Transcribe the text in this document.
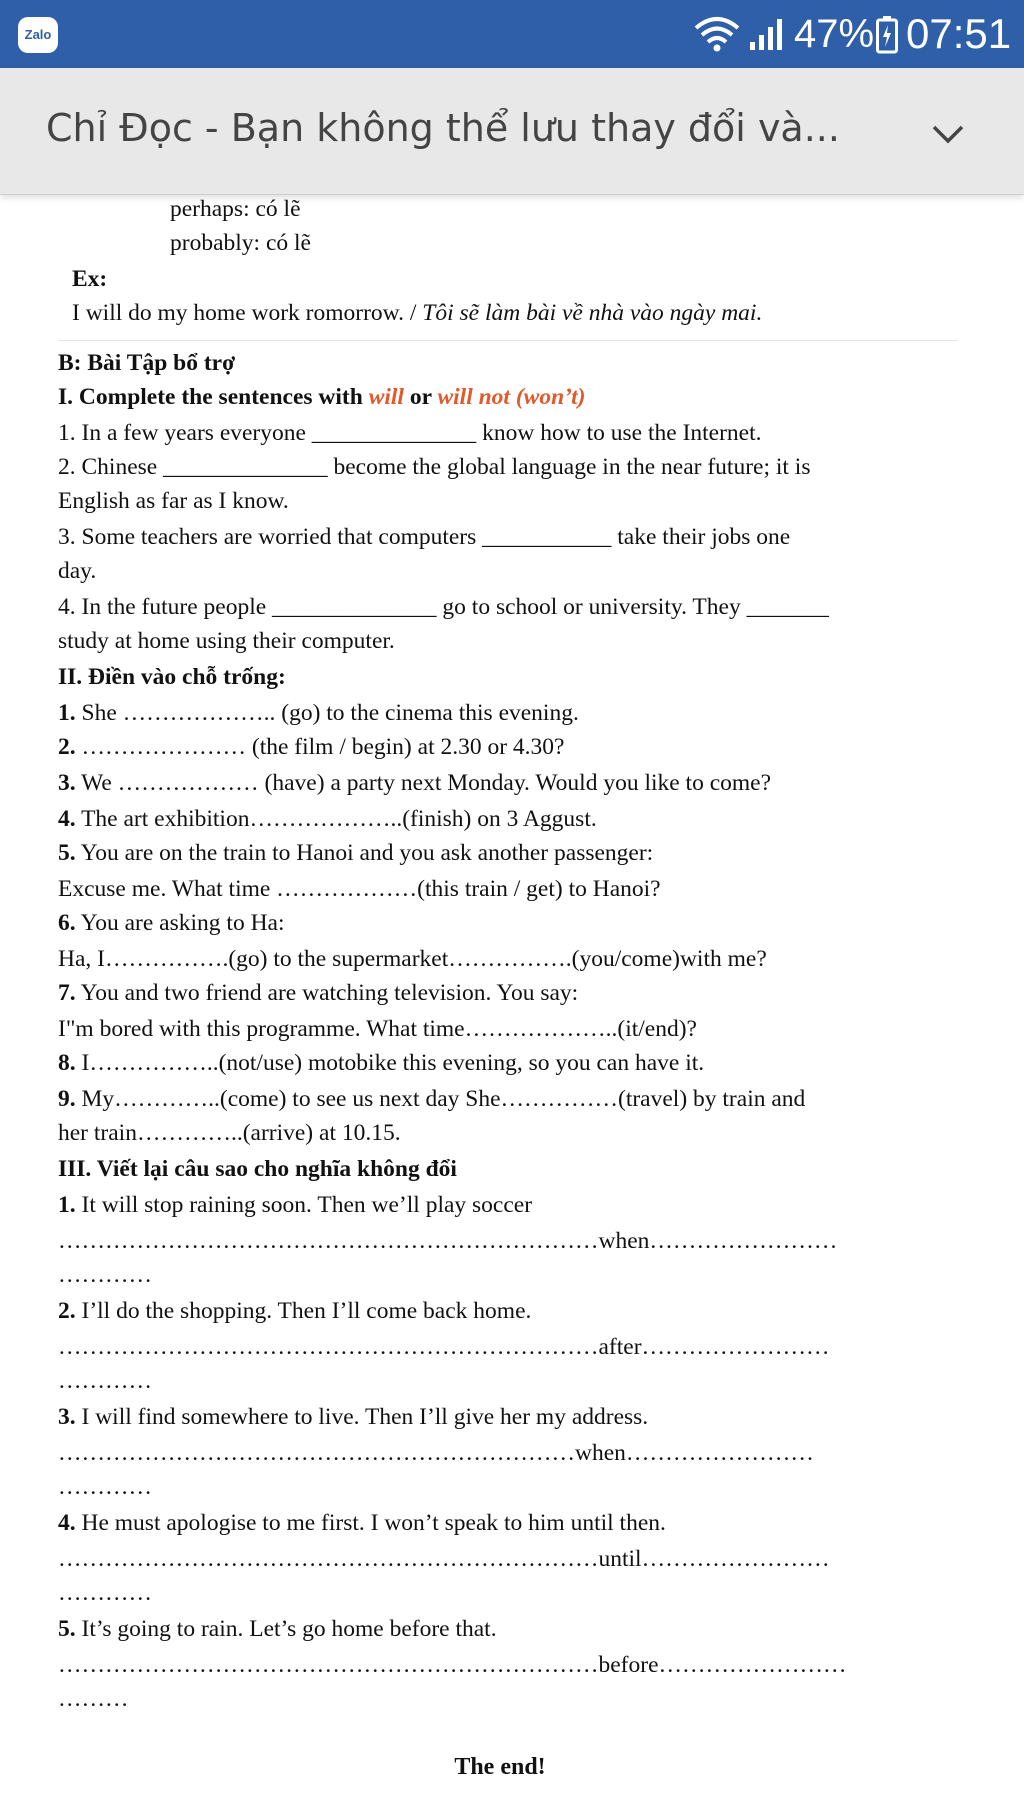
Zalo	47% 07:51
Chỉ Đọc - Bạn không thể lưu thay đổi và...
perhaps: có lẽ
probably: có lẽ
Ex:
I will do my home work romorrow. / Tôi sẽ làm bài về nhà vào ngày mai.
B: Bài Tập bổ trợ
I. Complete the sentences with will or will not (won’t)
1. In a few years everyone ______________ know how to use the Internet.
2. Chinese ______________ become the global language in the near future; it is
English as far as I know.
3. Some teachers are worried that computers ___________ take their jobs one
day.
4. In the future people ______________ go to school or university. They _______
study at home using their computer.
II. Điền vào chỗ trống:
1. She ……………….. (go) to the cinema this evening.
2. ………………… (the film / begin) at 2.30 or 4.30?
3. We ……………… (have) a party next Monday. Would you like to come?
4. The art exhibition………………..(finish) on 3 Aggust.
5. You are on the train to Hanoi and you ask another passenger:
Excuse me. What time ………………(this train / get) to Hanoi?
6. You are asking to Ha:
Ha, I…………….(go) to the supermarket…………….(you/come)with me?
7. You and two friend are watching television. You say:
I"m bored with this programme. What time………………..(it/end)?
8. I……………..(not/use) motobike this evening, so you can have it.
9. My…………..(come) to see us next day She……………(travel) by train and
her train…………..(arrive) at 10.15.
III. Viết lại câu sao cho nghĩa không đổi
1. It will stop raining soon. Then we’ll play soccer
……………………………………………………………when……………………
…………
2. I’ll do the shopping. Then I’ll come back home.
……………………………………………………………after……………………
…………
3. I will find somewhere to live. Then I’ll give her my address.
…………………………………………………………when……………………
…………
4. He must apologise to me first. I won’t speak to him until then.
……………………………………………………………until……………………
…………
5. It’s going to rain. Let’s go home before that.
……………………………………………………………before……………………
………
The end!
